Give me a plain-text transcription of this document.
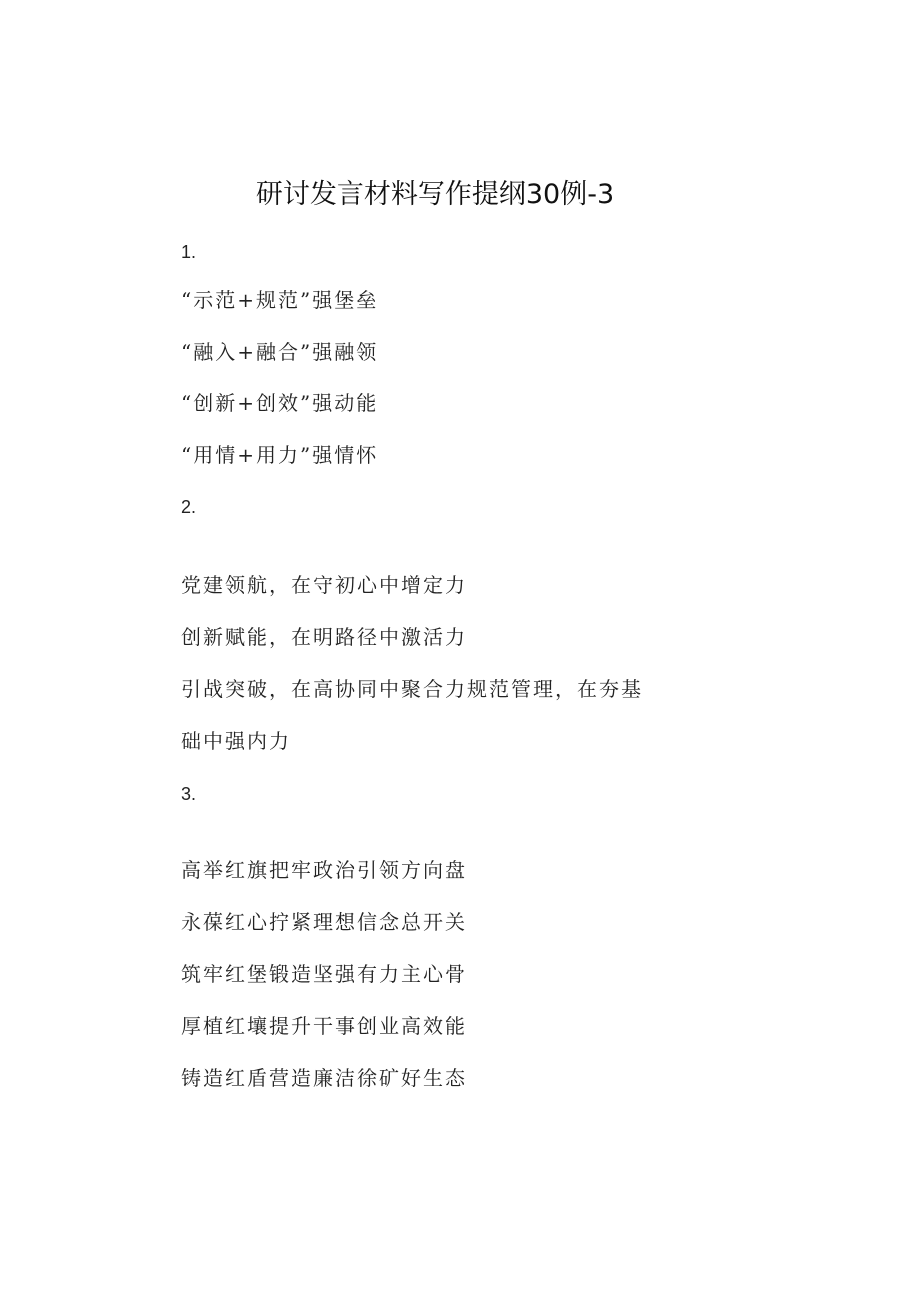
研讨发言材料写作提纲30例-3
1.
“示范+规范”强堡垒
“融入+融合”强融领
“创新+创效”强动能
“用情+用力”强情怀
2.
党建领航，在守初心中增定力
创新赋能，在明路径中激活力
引战突破，在高协同中聚合力规范管理，在夯基
础中强内力
3.
高举红旗把牢政治引领方向盘
永葆红心拧紧理想信念总开关
筑牢红堡锻造坚强有力主心骨
厚植红壤提升干事创业高效能
铸造红盾营造廉洁徐矿好生态
